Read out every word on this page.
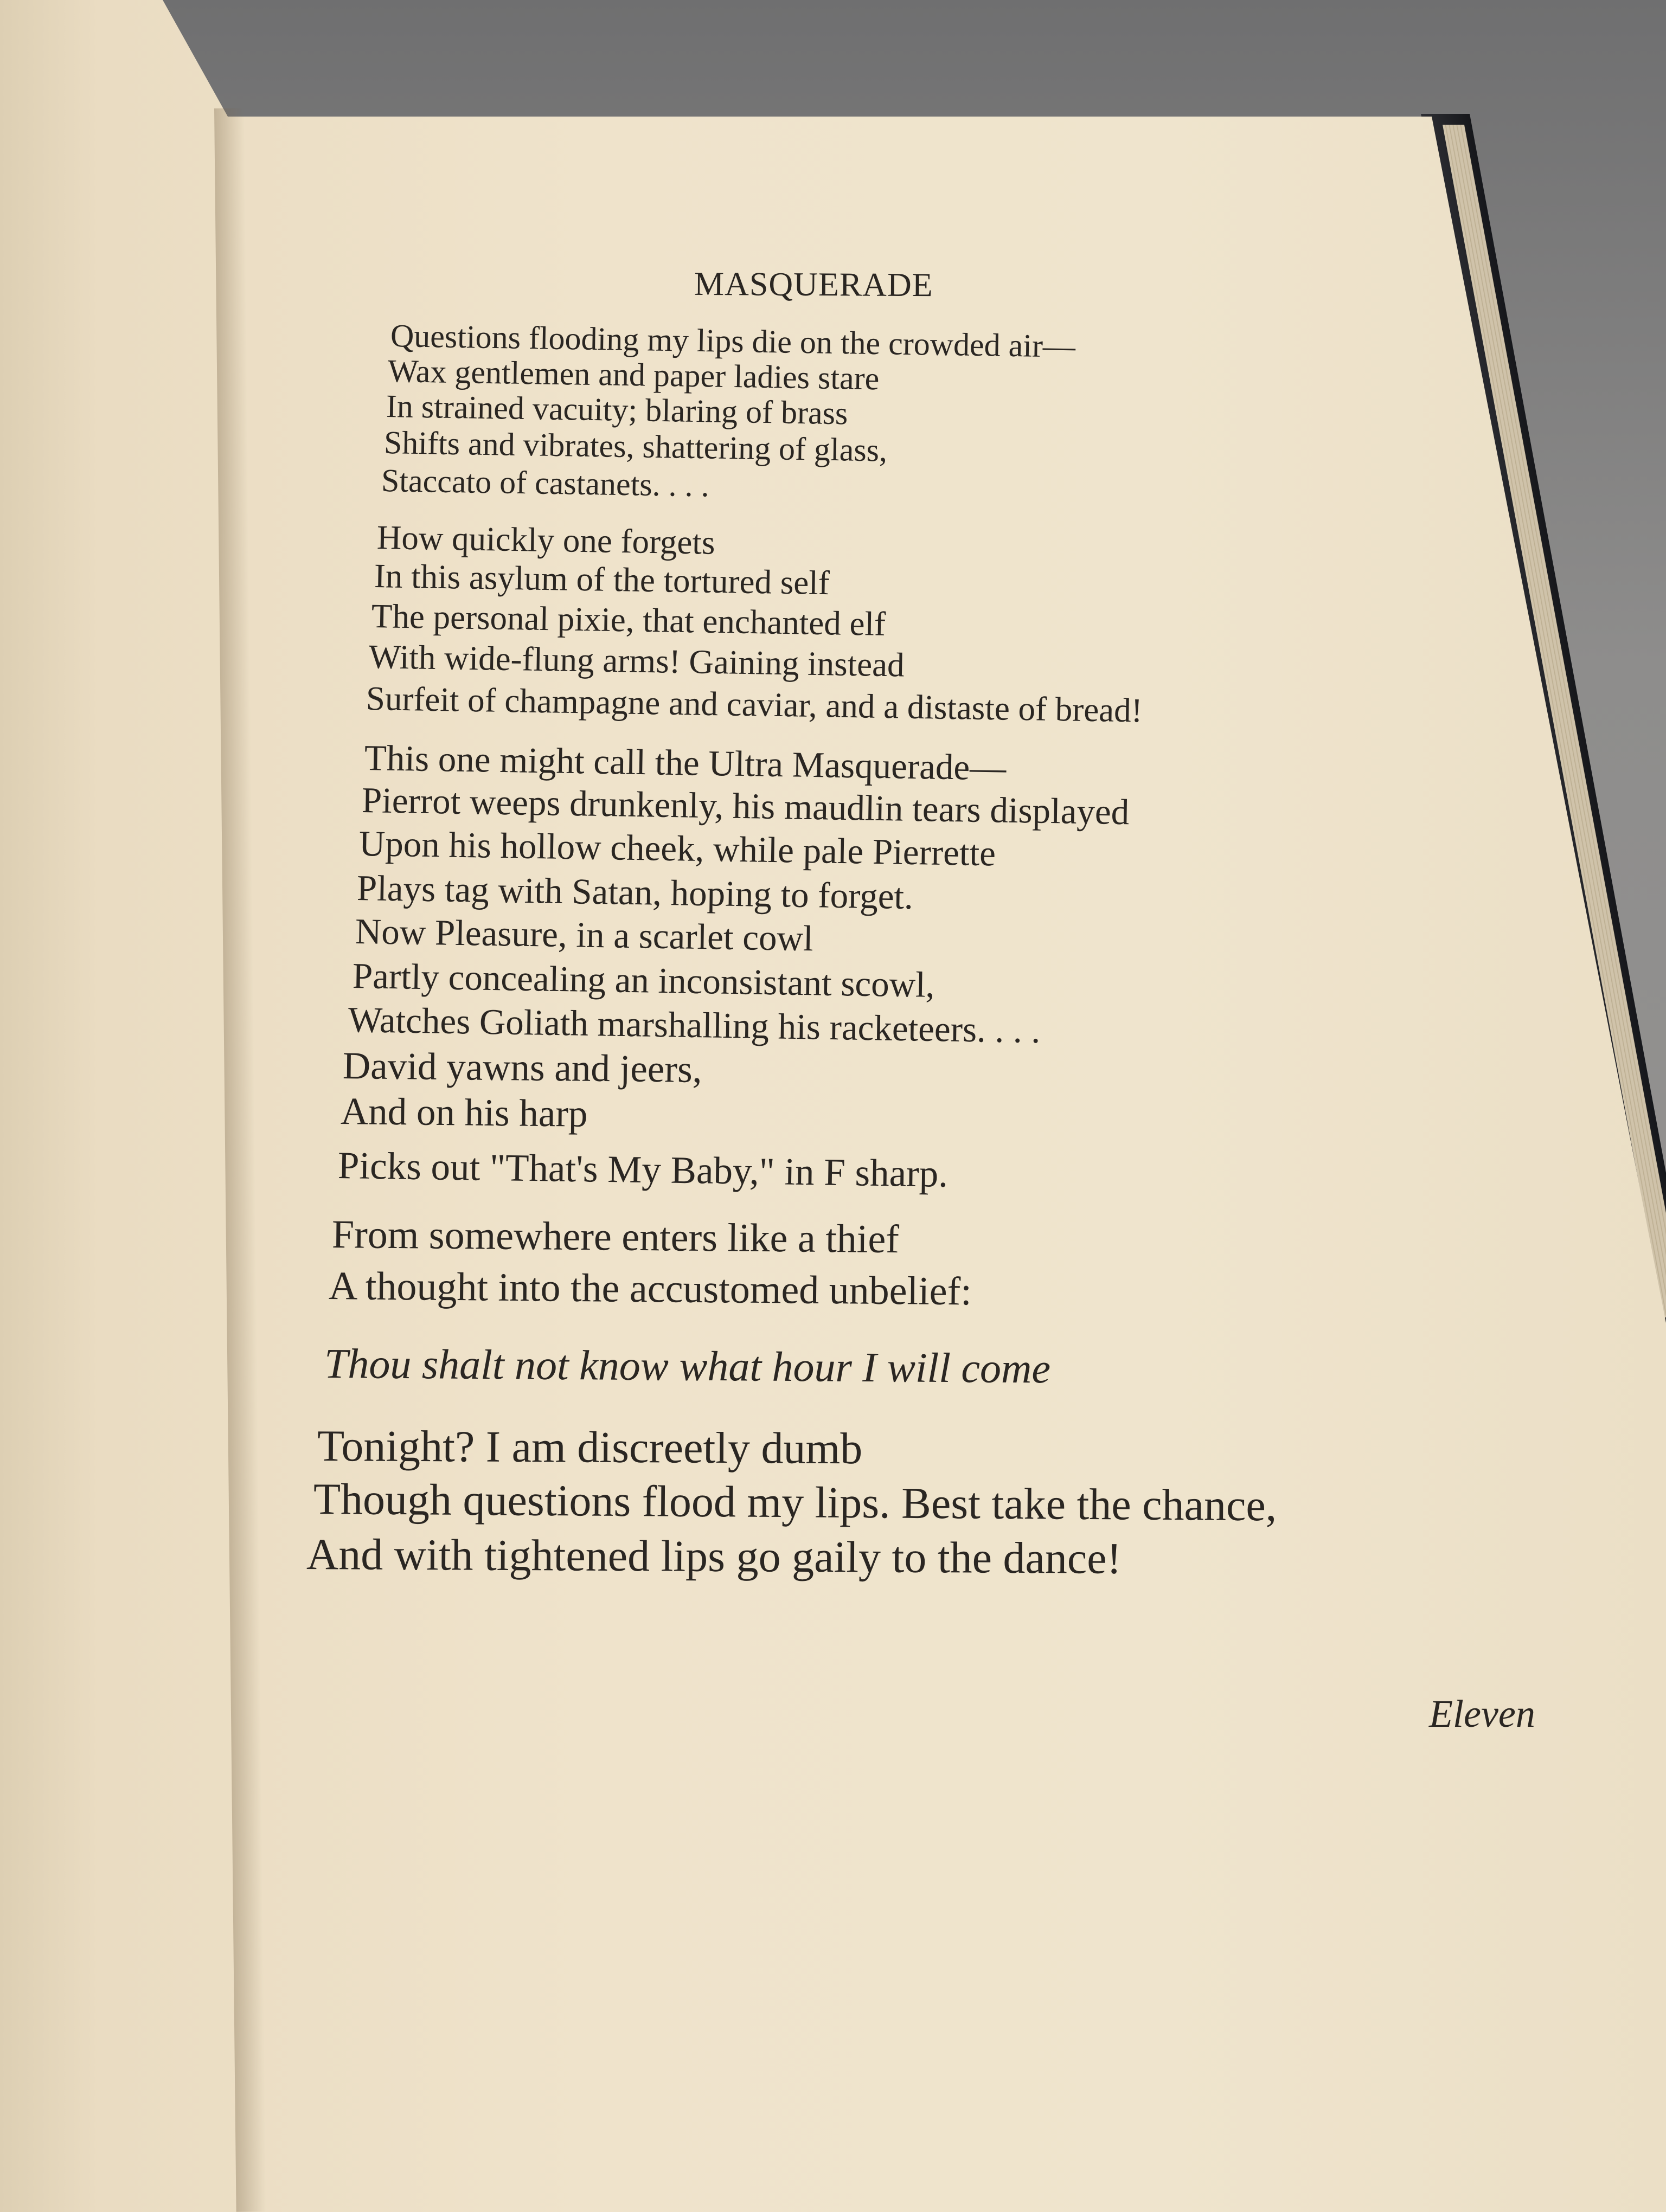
MASQUERADE
Questions flooding my lips die on the crowded air—
Wax gentlemen and paper ladies stare
In strained vacuity; blaring of brass
Shifts and vibrates, shattering of glass,
Staccato of castanets. . . .
How quickly one forgets
In this asylum of the tortured self
The personal pixie, that enchanted elf
With wide-flung arms! Gaining instead
Surfeit of champagne and caviar, and a distaste of bread!
This one might call the Ultra Masquerade—
Pierrot weeps drunkenly, his maudlin tears displayed
Upon his hollow cheek, while pale Pierrette
Plays tag with Satan, hoping to forget.
Now Pleasure, in a scarlet cowl
Partly concealing an inconsistant scowl,
Watches Goliath marshalling his racketeers. . . .
David yawns and jeers,
And on his harp
Picks out "That's My Baby," in F sharp.
From somewhere enters like a thief
A thought into the accustomed unbelief:
Thou shalt not know what hour I will come
Tonight? I am discreetly dumb
Though questions flood my lips. Best take the chance,
And with tightened lips go gaily to the dance!
Eleven
